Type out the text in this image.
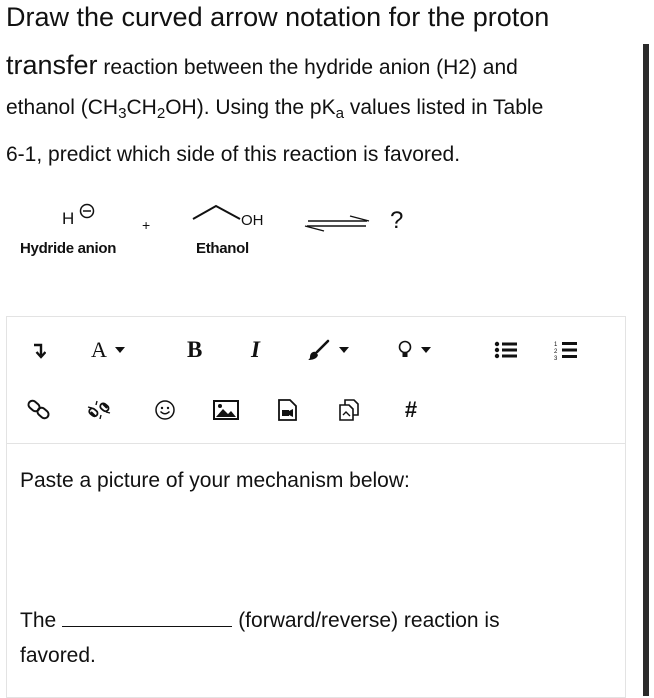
Draw the curved arrow notation for the proton
transfer reaction between the hydride anion (H2) and
ethanol $(CH_3CH_2OH)$. Using the $pK_a$ values listed in Table
6-1, predict which side of this reaction is favored.
H	+	OH	?
Hydride anion	Ethanol
A	B I	1
2
3
#
Paste a picture of your mechanism below:
The	(forward/reverse) reaction is
favored.
